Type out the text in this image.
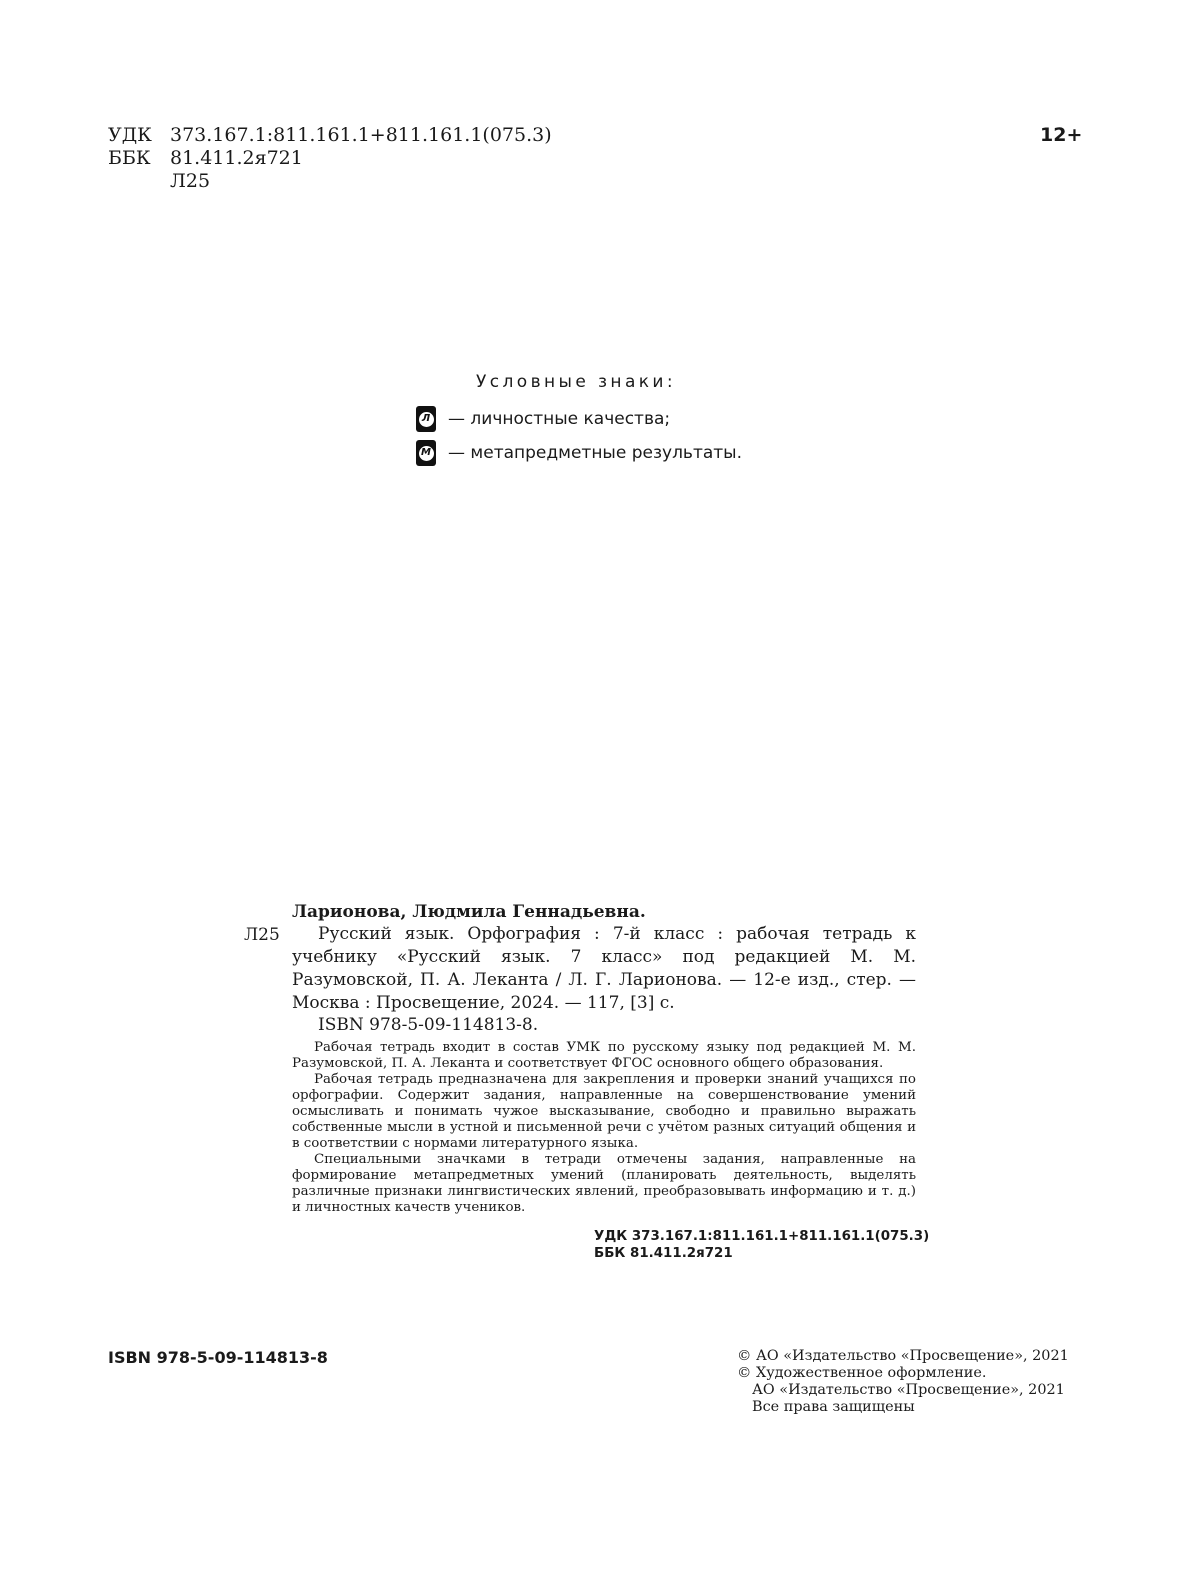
УДК 373.167.1:811.161.1+811.161.1(075.3)
ББК 81.411.2я721
Л25
12+
Условные знаки:
Л — личностные качества;
М — метапредметные результаты.
Ларионова, Людмила Геннадьевна.
Л25	Русский язык. Орфография : 7-й класс : рабочая тетрадь к учебнику «Русский язык. 7 класс» под редакцией М. М. Разумовской, П. А. Леканта / Л. Г. Ларионова. — 12-е изд., стер. — Москва : Просвещение, 2024. — 117, [3] с.
ISBN 978-5-09-114813-8.

Рабочая тетрадь входит в состав УМК по русскому языку под редакцией М. М. Разумовской, П. А. Леканта и соответствует ФГОС основного общего образования.

Рабочая тетрадь предназначена для закрепления и проверки знаний учащихся по орфографии. Содержит задания, направленные на совершенствование умений осмысливать и понимать чужое высказывание, свободно и правильно выражать собственные мысли в устной и письменной речи с учётом разных ситуаций общения и в соответствии с нормами литературного языка.

Специальными значками в тетради отмечены задания, направленные на формирование метапредметных умений (планировать деятельность, выделять различные признаки лингвистических явлений, преобразовывать информацию и т. д.) и личностных качеств учеников.

УДК 373.167.1:811.161.1+811.161.1(075.3)
ББК 81.411.2я721
ISBN 978-5-09-114813-8	© АО «Издательство «Просвещение», 2021
© Художественное оформление.
АО «Издательство «Просвещение», 2021
Все права защищены
